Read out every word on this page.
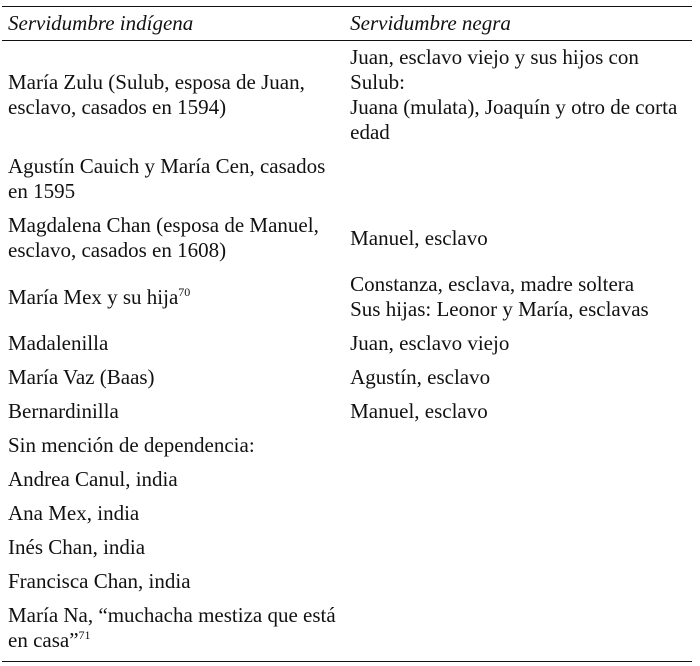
Servidumbre indígena	Servidumbre negra
María Zulu (Sulub, esposa de Juan, esclavo, casados en 1594)	Juan, esclavo viejo y sus hijos con Sulub:
Juana (mulata), Joaquín y otro de corta edad

Agustín Cauich y María Cen, casados en 1595	
Magdalena Chan (esposa de Manuel, esclavo, casados en 1608)	Manuel, esclavo

María Mex y su hija$^{70}$	Constanza, esclava, madre soltera
Sus hijas: Leonor y María, esclavas

Madalenilla	Juan, esclavo viejo

María Vaz (Baas)	Agustín, esclavo

Bernardinilla	Manuel, esclavo

Sin mención de dependencia:	
Andrea Canul, india	
Ana Mex, india	
Inés Chan, india	
Francisca Chan, india	
María Na, “muchacha mestiza que está en casa”$^{71}$	
